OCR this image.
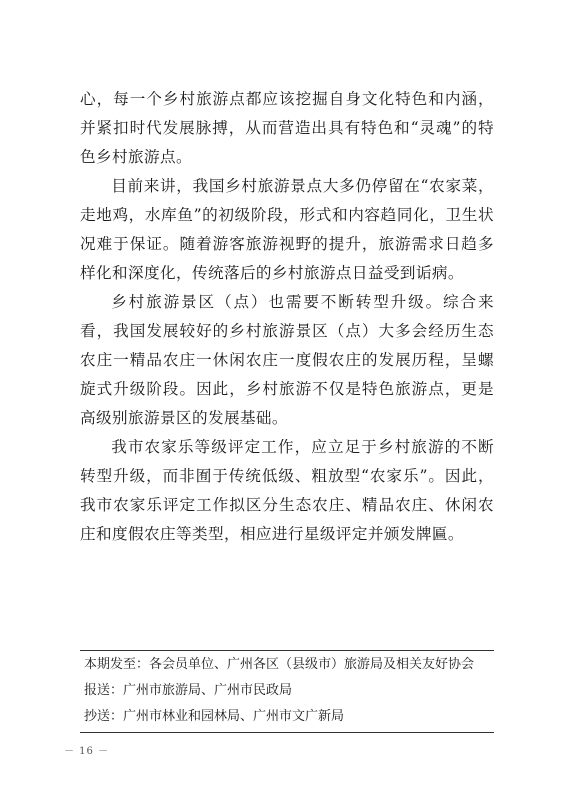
心，每一个乡村旅游点都应该挖掘自身文化特色和内涵，并紧扣时代发展脉搏，从而营造出具有特色和“灵魂”的特色乡村旅游点。

目前来讲，我国乡村旅游景点大多仍停留在“农家菜，走地鸡，水库鱼”的初级阶段，形式和内容趋同化，卫生状况难于保证。随着游客旅游视野的提升，旅游需求日趋多样化和深度化，传统落后的乡村旅游点日益受到诟病。

乡村旅游景区（点）也需要不断转型升级。综合来看，我国发展较好的乡村旅游景区（点）大多会经历生态农庄一精品农庄一休闲农庄一度假农庄的发展历程，呈螺旋式升级阶段。因此，乡村旅游不仅是特色旅游点，更是高级别旅游景区的发展基础。

我市农家乐等级评定工作，应立足于乡村旅游的不断转型升级，而非囿于传统低级、粗放型“农家乐”。因此，我市农家乐评定工作拟区分生态农庄、精品农庄、休闲农庄和度假农庄等类型，相应进行星级评定并颁发牌匾。

本期发至：各会员单位、广州各区（县级市）旅游局及相关友好协会
报送：广州市旅游局、广州市民政局
抄送：广州市林业和园林局、广州市文广新局
－ 16 －
